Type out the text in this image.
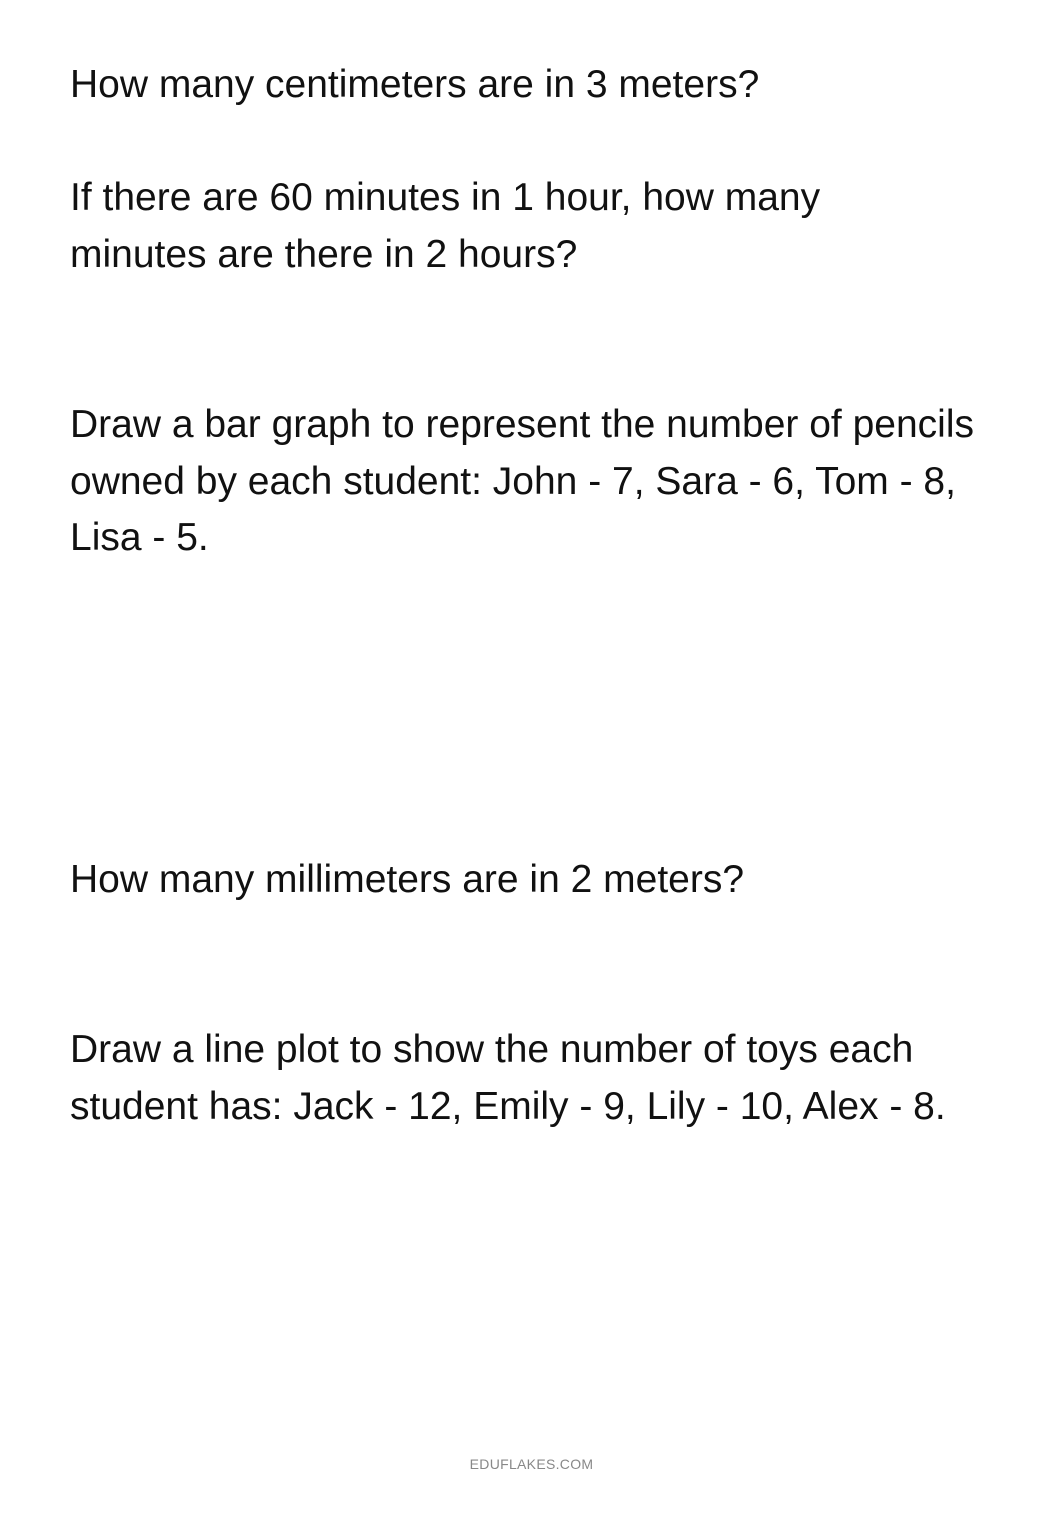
How many centimeters are in 3 meters?

If there are 60 minutes in 1 hour, how many minutes are there in 2 hours?

Draw a bar graph to represent the number of pencils owned by each student: John - 7, Sara - 6, Tom - 8, Lisa - 5.

How many millimeters are in 2 meters?

Draw a line plot to show the number of toys each student has: Jack - 12, Emily - 9, Lily - 10, Alex - 8.

EDUFLAKES.COM
